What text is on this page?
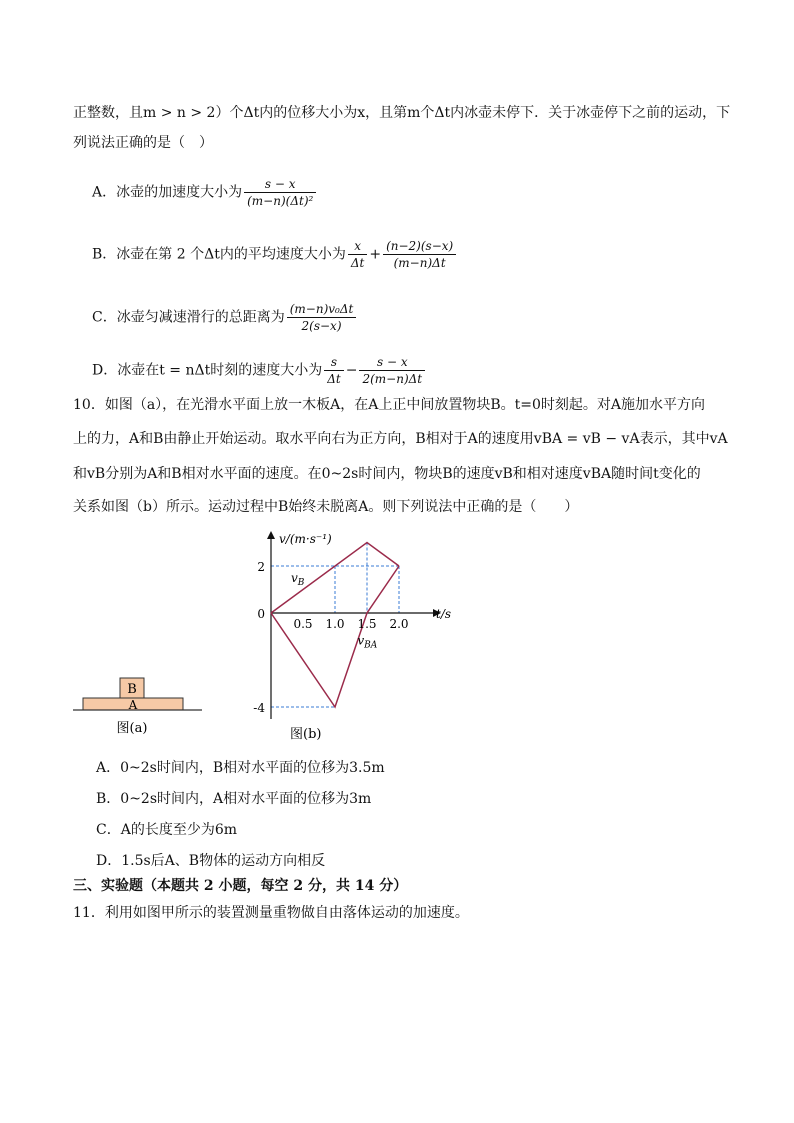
正整数，且m > n > 2）个Δt内的位移大小为x，且第m个Δt内冰壶未停下．关于冰壶停下之前的运动，下
列说法正确的是（　）
A．冰壶的加速度大小为 $\frac{s - x}{\text{(m−n)(Δt)²}}$
B．冰壶在第 2 个Δt内的平均速度大小为 $\frac{x}{\Delta t} + \frac{(n-2)(s-x)}{(m-n)\Delta t}$
C．冰壶匀减速滑行的总距离为 $\frac{\text{(m−n)v₀Δt}}{2(s-x)}$
D．冰壶在t = nΔt时刻的速度大小为 $\frac{s}{\Delta t} - \frac{s - x}{2(m-n)\Delta t}$
10．如图（a），在光滑水平面上放一木板A，在A上正中间放置物块B。t=0时刻起。对A施加水平方向
上的力，A和B由静止开始运动。取水平向右为正方向，B相对于A的速度用vBA = vB − vA表示，其中vA
和vB分别为A和B相对水平面的速度。在0~2s时间内，物块B的速度vB和相对速度vBA随时间t变化的
关系如图（b）所示。运动过程中B始终未脱离A。则下列说法中正确的是（　　）
B
A
图(a)
0.5 1.0 1.5 2.0
2
0
-4
v/(m·s⁻¹)
t/s
$v_B$
$v_{BA}$
图(b)
A．0~2s时间内，B相对水平面的位移为3.5m
B．0~2s时间内，A相对水平面的位移为3m
C．A的长度至少为6m
D．1.5s后A、B物体的运动方向相反
三、实验题（本题共 2 小题，每空 2 分，共 14 分）
11．利用如图甲所示的装置测量重物做自由落体运动的加速度。
